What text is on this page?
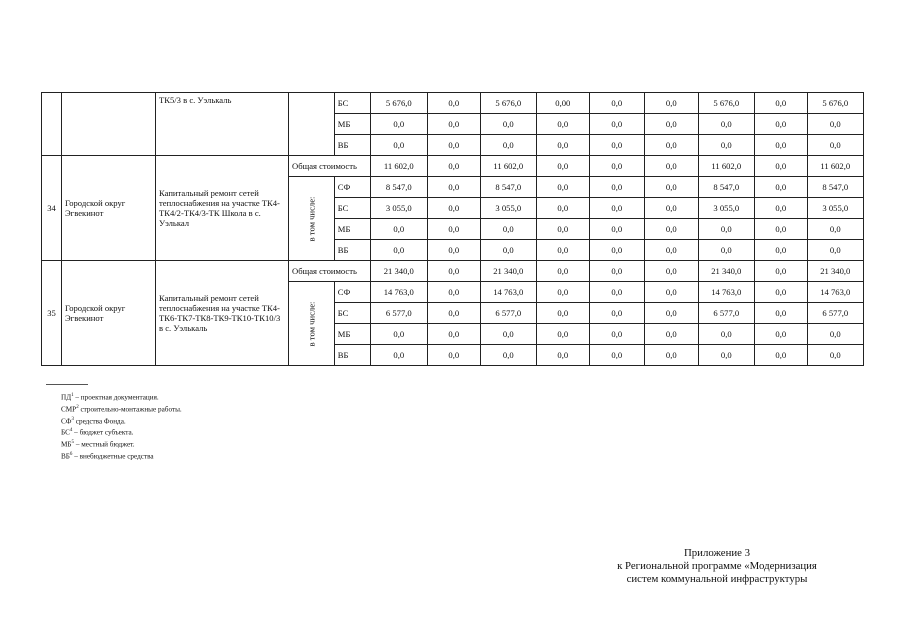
		ТК5/3 в с. Уэлькаль		БС	5 676,0	0,0	5 676,0	0,00	0,0	0,0	5 676,0	0,0	5 676,0
				МБ	0,0	0,0	0,0	0,0	0,0	0,0	0,0	0,0	0,0
				ВБ	0,0	0,0	0,0	0,0	0,0	0,0	0,0	0,0	0,0
34	Городской округ Эгвекинот	Капитальный ремонт сетей теплоснабжения на участке ТК4-ТК4/2-ТК4/3-ТК Школа в с. Уэлькал	Общая стоимость		11 602,0	0,0	11 602,0	0,0	0,0	0,0	11 602,0	0,0	11 602,0
			в том числе:	СФ	8 547,0	0,0	8 547,0	0,0	0,0	0,0	8 547,0	0,0	8 547,0
				БС	3 055,0	0,0	3 055,0	0,0	0,0	0,0	3 055,0	0,0	3 055,0
				МБ	0,0	0,0	0,0	0,0	0,0	0,0	0,0	0,0	0,0
				ВБ	0,0	0,0	0,0	0,0	0,0	0,0	0,0	0,0	0,0
35	Городской округ Эгвекинот	Капитальный ремонт сетей теплоснабжения на участке ТК4-ТК6-ТК7-ТК8-ТК9-ТК10-ТК10/3 в с. Уэлькаль	Общая стоимость		21 340,0	0,0	21 340,0	0,0	0,0	0,0	21 340,0	0,0	21 340,0
			в том числе:	СФ	14 763,0	0,0	14 763,0	0,0	0,0	0,0	14 763,0	0,0	14 763,0
				БС	6 577,0	0,0	6 577,0	0,0	0,0	0,0	6 577,0	0,0	6 577,0
				МБ	0,0	0,0	0,0	0,0	0,0	0,0	0,0	0,0	0,0
				ВБ	0,0	0,0	0,0	0,0	0,0	0,0	0,0	0,0	0,0
$ПД^1$ – проектная документация.
СМР$^2$ строительно-монтажные работы.
$СФ^3$ средства Фонда.
$БС^4$ – бюджет субъекта.
$МБ^5$ – местный бюджет.
$ВБ^6$ – внебюджетные средства
Приложение 3
к Региональной программе «Модернизация
систем коммунальной инфраструктуры
